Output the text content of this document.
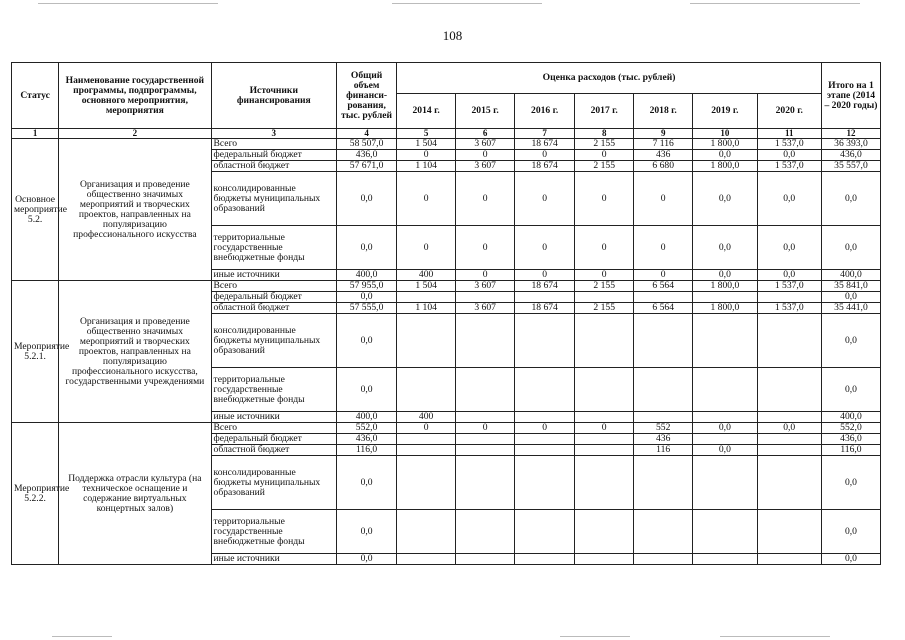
108
Статус	Наименование государственной программы, подпрограммы, основного мероприятия, мероприятия	Источники финансирования	Общий объем финанси-рования, тыс. рублей	Оценка расходов (тыс. рублей)							Итого на 1 этапе (2014 – 2020 годы)
				2014 г.	2015 г.	2016 г.	2017 г.	2018 г.	2019 г.	2020 г.	
1	2	3	4	5	6	7	8	9	10	11	12
Основное мероприятие 5.2.	Организация и проведение общественно значимых мероприятий и творческих проектов, направленных на популяризацию профессионального искусства	Всего	58 507,0	1 504	3 607	18 674	2 155	7 116	1 800,0	1 537,0	36 393,0
		федеральный бюджет	436,0	0	0	0	0	436	0,0	0,0	436,0
		областной бюджет	57 671,0	1 104	3 607	18 674	2 155	6 680	1 800,0	1 537,0	35 557,0
		консолидированные бюджеты муниципальных образований	0,0	0	0	0	0	0	0,0	0,0	0,0
		территориальные государственные внебюджетные фонды	0,0	0	0	0	0	0	0,0	0,0	0,0
		иные источники	400,0	400	0	0	0	0	0,0	0,0	400,0
Мероприятие 5.2.1.	Организация и проведение общественно значимых мероприятий и творческих проектов, направленных на популяризацию профессионального искусства, государственными учреждениями	Всего	57 955,0	1 504	3 607	18 674	2 155	6 564	1 800,0	1 537,0	35 841,0
		федеральный бюджет	0,0								0,0
		областной бюджет	57 555,0	1 104	3 607	18 674	2 155	6 564	1 800,0	1 537,0	35 441,0
		консолидированные бюджеты муниципальных образований	0,0								0,0
		территориальные государственные внебюджетные фонды	0,0								0,0
		иные источники	400,0	400							400,0
Мероприятие 5.2.2.	Поддержка отрасли культура (на техническое оснащение и содержание виртуальных концертных залов)	Всего	552,0	0	0	0	0	552	0,0	0,0	552,0
		федеральный бюджет	436,0					436			436,0
		областной бюджет	116,0					116	0,0		116,0
		консолидированные бюджеты муниципальных образований	0,0								0,0
		территориальные государственные внебюджетные фонды	0,0								0,0
		иные источники	0,0								0,0
